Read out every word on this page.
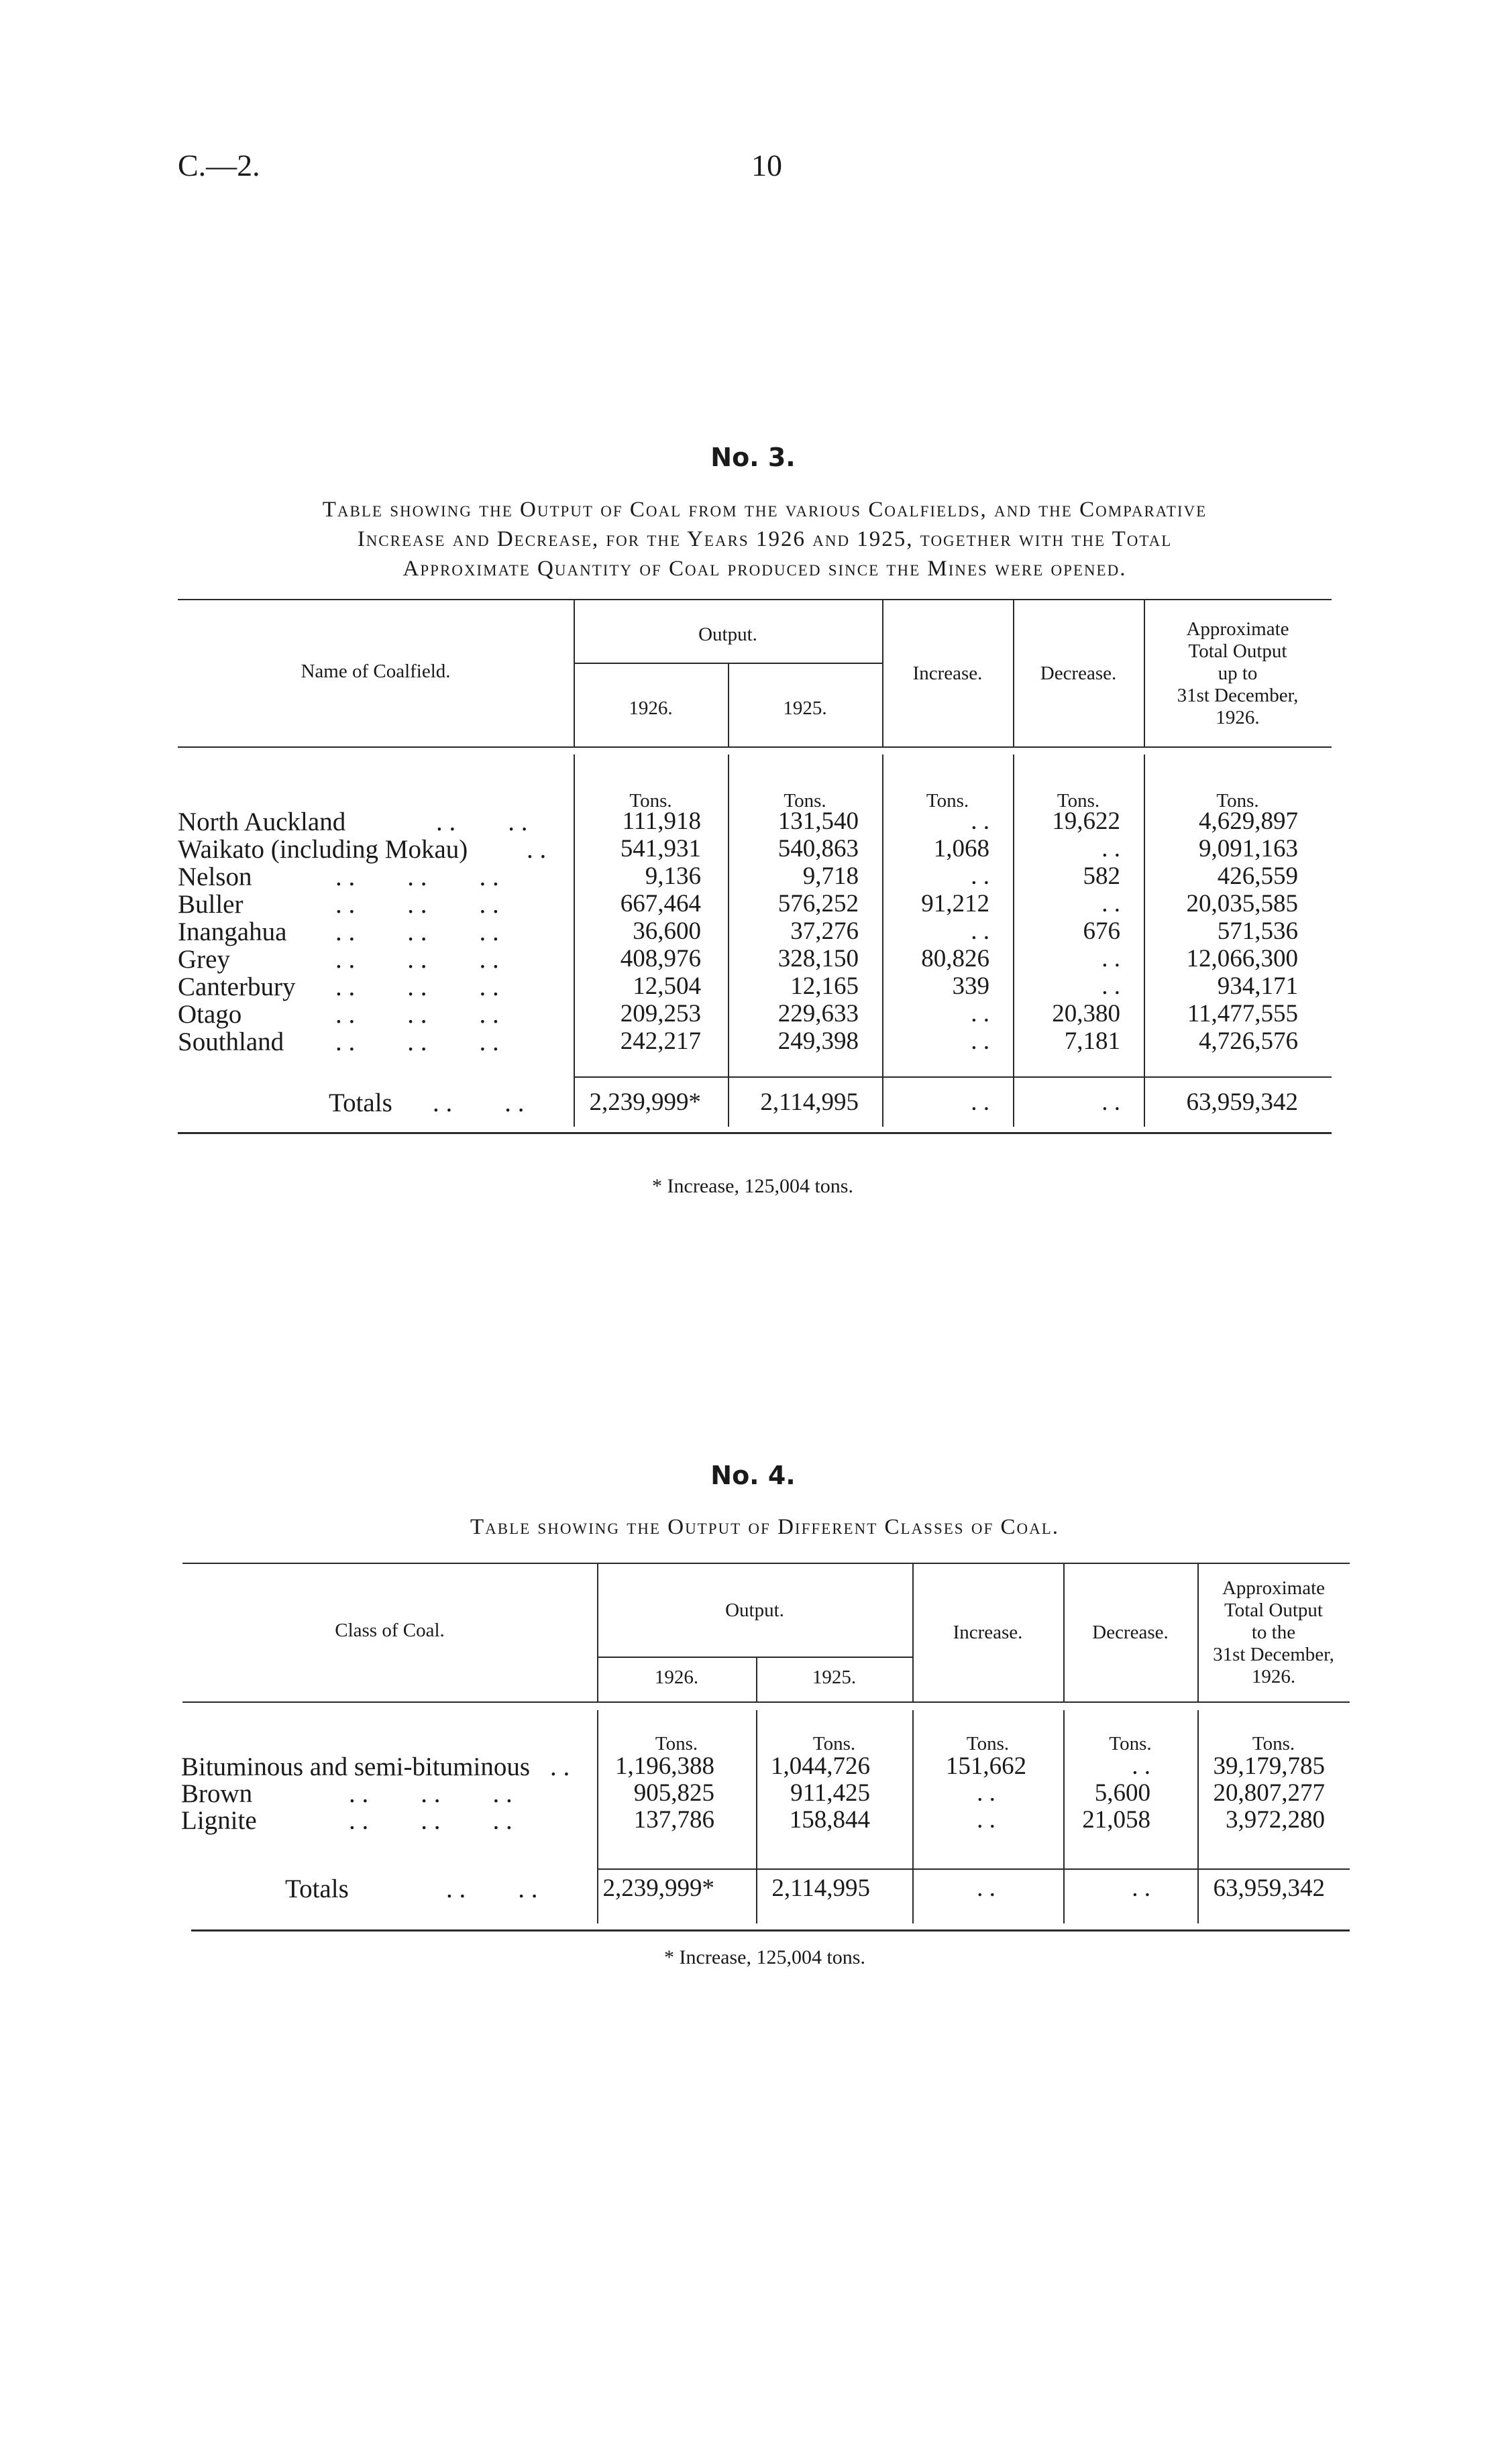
C.—2.	10
No. 3.
Table showing the Output of Coal from the various Coalfields, and the Comparative
Increase and Decrease, for the Years 1926 and 1925, together with the Total
Approximate Quantity of Coal produced since the Mines were opened.
Name of Coalfield.
Output.
1926.	1925.
Increase.	Decrease.
Approximate
Total Output
up to
31st December,
1926.
Tons.	Tons.	Tons.	Tons.	Tons.
North Auckland	. .        . .	111,918	131,540	. .	19,622	4,629,897
Waikato (including Mokau) . .	541,931	540,863	1,068	. .	9,091,163
Nelson	. .        . .        . .	9,136	9,718	. .	582	426,559
Buller	. .        . .        . .	667,464	576,252	91,212	. .	20,035,585
Inangahua . .        . .        . .	36,600	37,276	. .	676	571,536
Grey	. .        . .        . .	408,976	328,150	80,826	. .	12,066,300
Canterbury . .        . .        . .	12,504	12,165	339	. .	934,171
Otago	. .        . .        . .	209,253	229,633	. .	20,380	11,477,555
Southland . .        . .        . .	242,217	249,398	. .	7,181	4,726,576
Totals . .        . .	2,239,999*	2,114,995	. .	. .	63,959,342
* Increase, 125,004 tons.
No. 4.
Table showing the Output of Different Classes of Coal.
Class of Coal.
Output.
1926.	1925.
Increase.	Decrease.
Approximate
Total Output
to the
31st December,
1926.
Tons.	Tons.	Tons.	Tons.	Tons.
Bituminous and semi-bituminous . .	1,196,388	1,044,726	151,662	. .	39,179,785
Brown	. .        . .        . .	905,825	911,425	. .	5,600	20,807,277
Lignite	. .        . .        . .	137,786	158,844	. .	21,058	3,972,280
Totals	. .        . .	2,239,999*	2,114,995	. .	. .	63,959,342
* Increase, 125,004 tons.
